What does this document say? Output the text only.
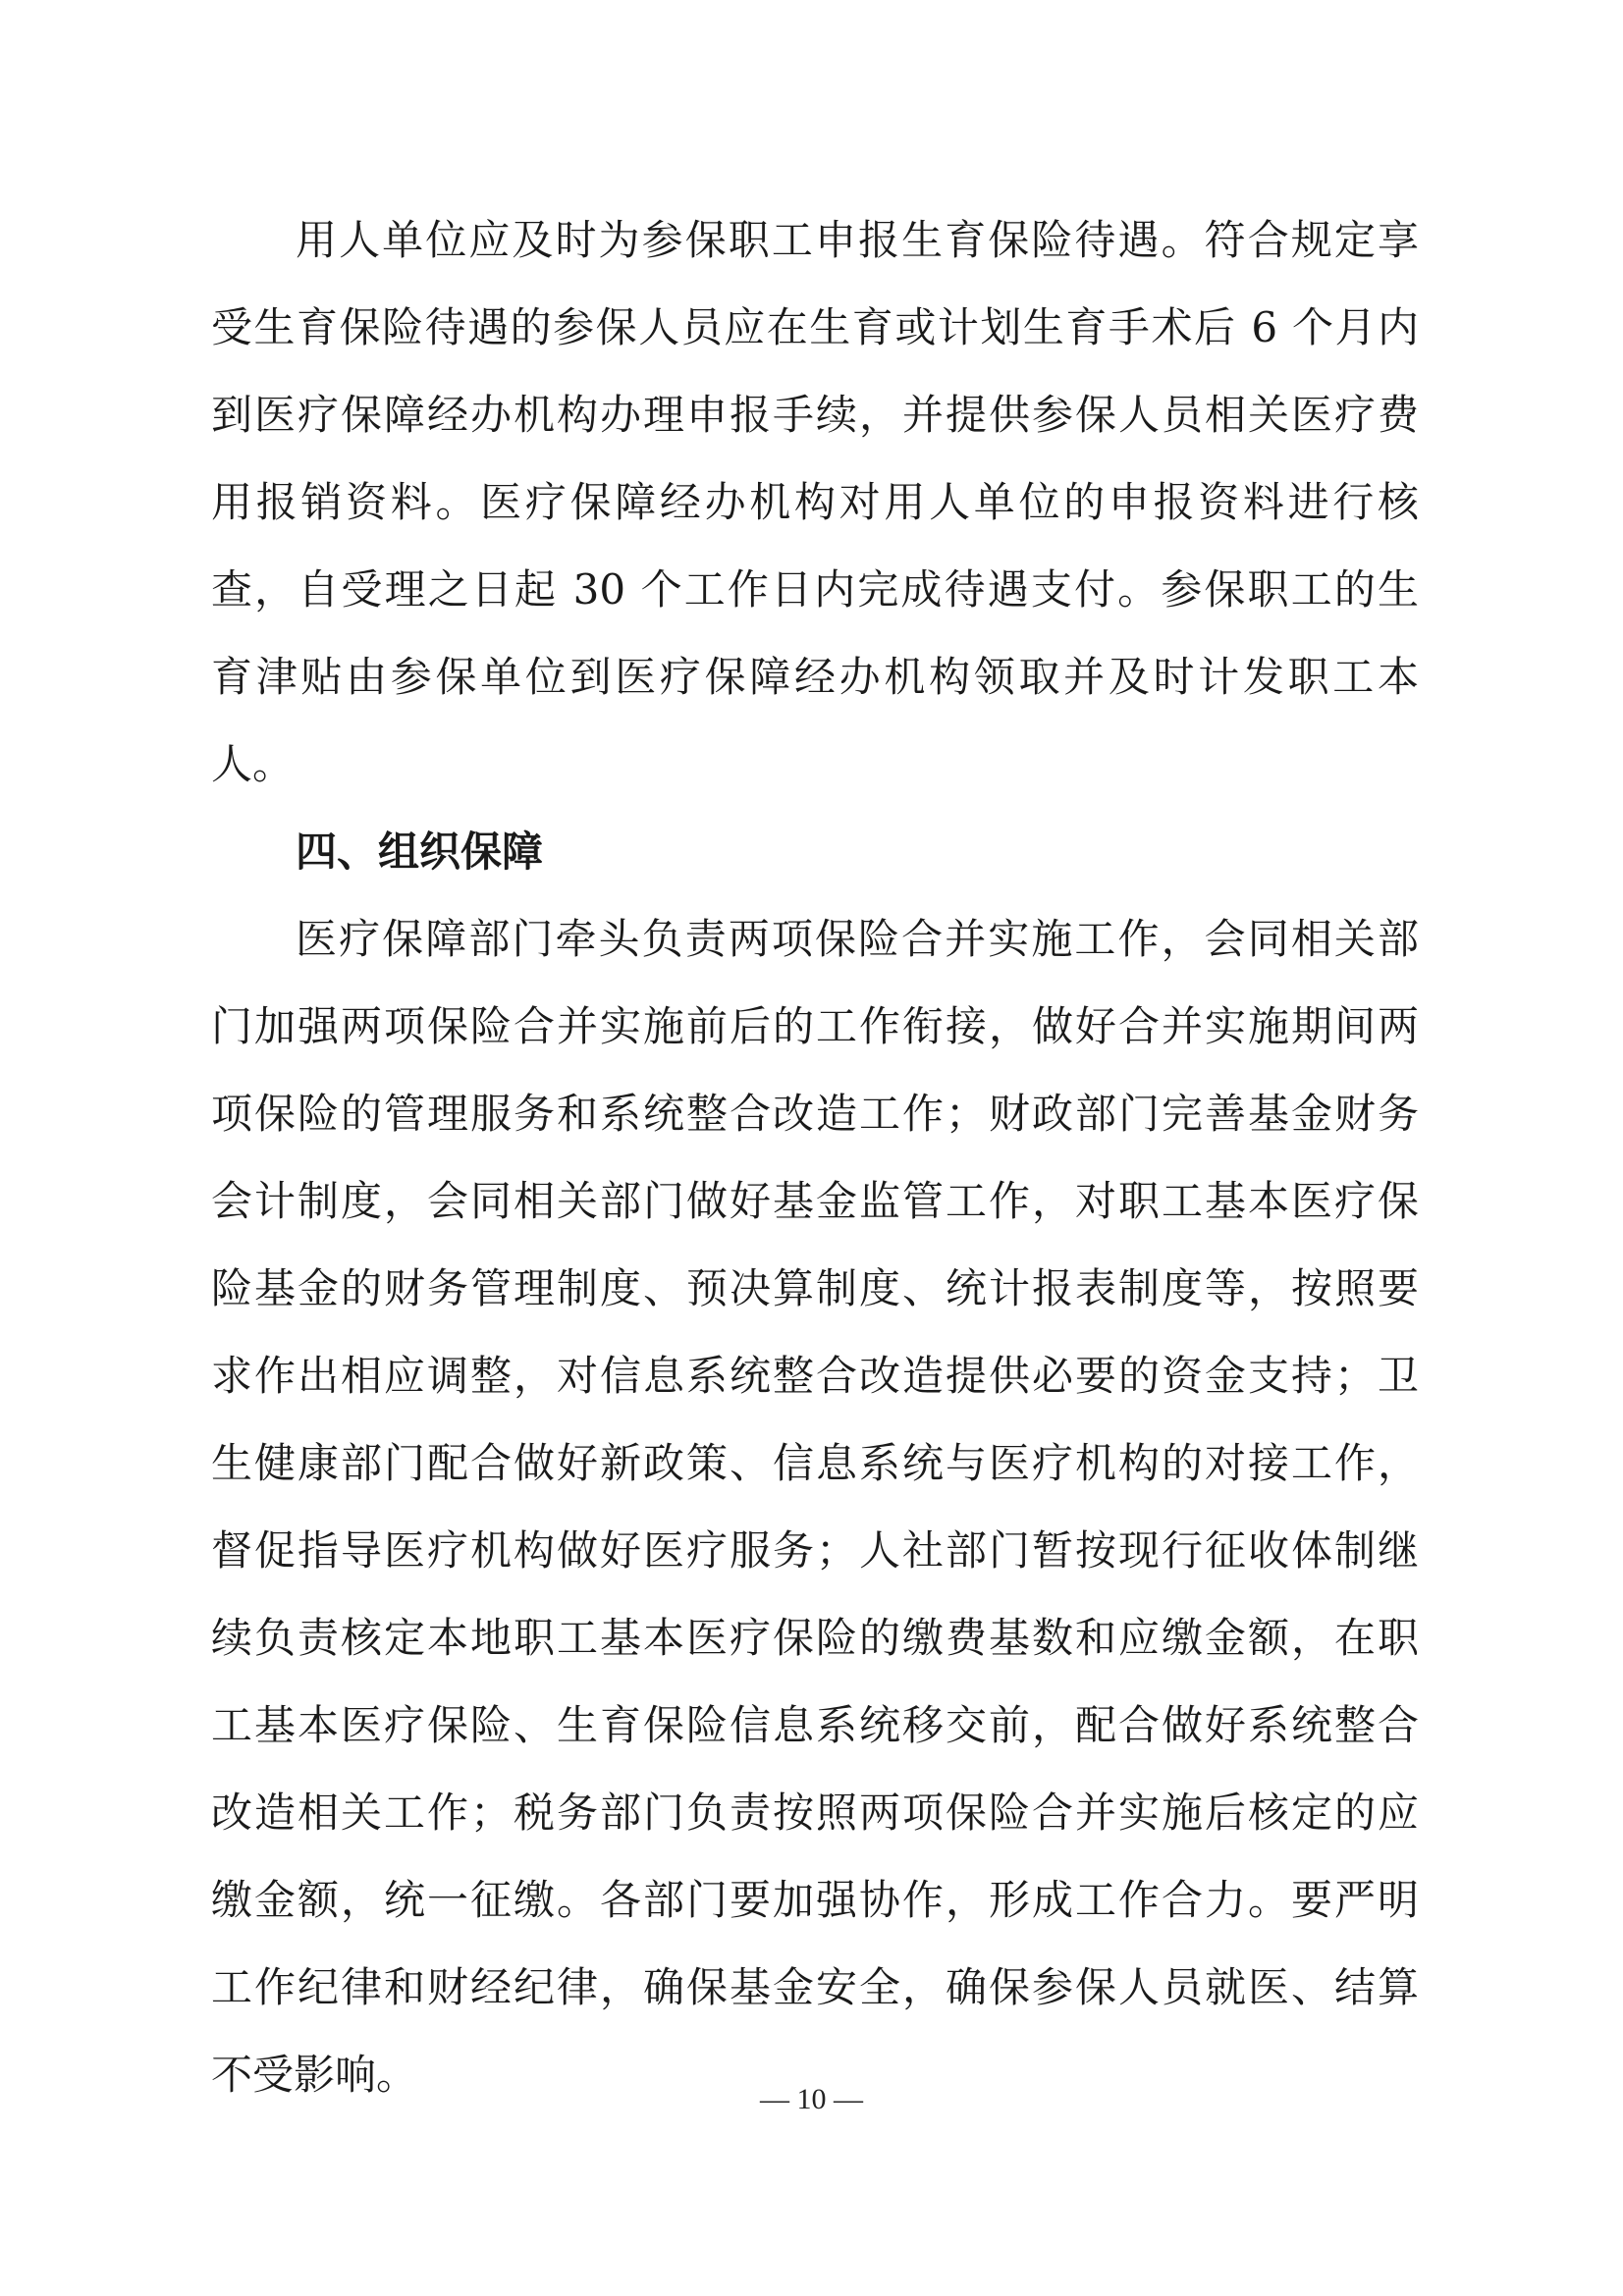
用人单位应及时为参保职工申报生育保险待遇。符合规定享
受生育保险待遇的参保人员应在生育或计划生育手术后 6 个月内
到医疗保障经办机构办理申报手续，并提供参保人员相关医疗费
用报销资料。医疗保障经办机构对用人单位的申报资料进行核
查，自受理之日起 30 个工作日内完成待遇支付。参保职工的生
育津贴由参保单位到医疗保障经办机构领取并及时计发职工本
人。
四、组织保障
医疗保障部门牵头负责两项保险合并实施工作，会同相关部
门加强两项保险合并实施前后的工作衔接，做好合并实施期间两
项保险的管理服务和系统整合改造工作；财政部门完善基金财务
会计制度，会同相关部门做好基金监管工作，对职工基本医疗保
险基金的财务管理制度、预决算制度、统计报表制度等，按照要
求作出相应调整，对信息系统整合改造提供必要的资金支持；卫
生健康部门配合做好新政策、信息系统与医疗机构的对接工作，
督促指导医疗机构做好医疗服务；人社部门暂按现行征收体制继
续负责核定本地职工基本医疗保险的缴费基数和应缴金额，在职
工基本医疗保险、生育保险信息系统移交前，配合做好系统整合
改造相关工作；税务部门负责按照两项保险合并实施后核定的应
缴金额，统一征缴。各部门要加强协作，形成工作合力。要严明
工作纪律和财经纪律，确保基金安全，确保参保人员就医、结算
不受影响。
— 10 —
